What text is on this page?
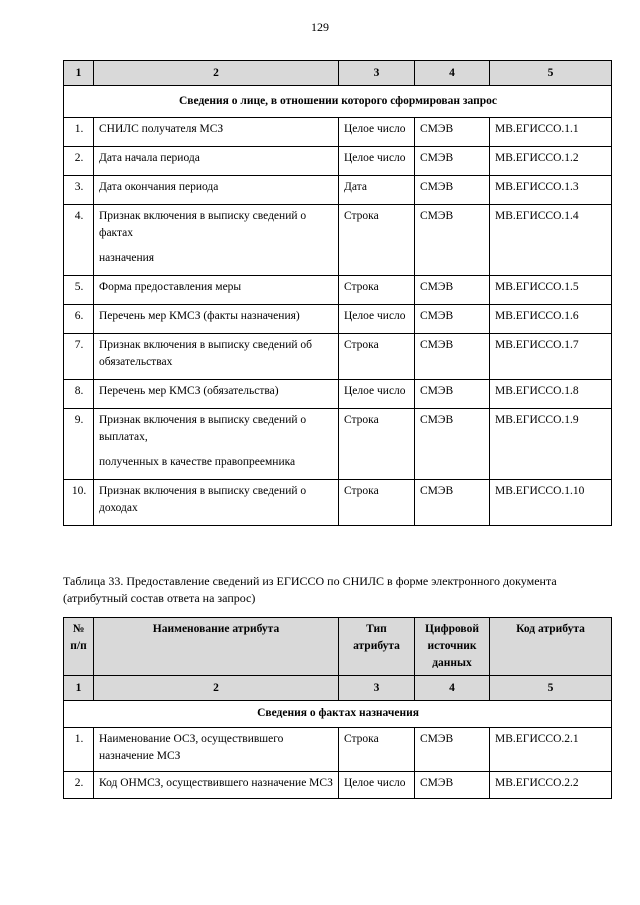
129
1	2	3	4	5
Сведения о лице, в отношении которого сформирован запрос				
1.	СНИЛС получателя МСЗ	Целое число	СМЭВ	МВ.ЕГИССО.1.1
2.	Дата начала периода	Целое число	СМЭВ	МВ.ЕГИССО.1.2
3.	Дата окончания периода	Дата	СМЭВ	МВ.ЕГИССО.1.3
4.	Признак включения в выписку сведений о фактах
назначения	Строка	СМЭВ	МВ.ЕГИССО.1.4
5.	Форма предоставления меры	Строка	СМЭВ	МВ.ЕГИССО.1.5
6.	Перечень мер КМСЗ (факты назначения)	Целое число	СМЭВ	МВ.ЕГИССО.1.6
7.	Признак включения в выписку сведений об обязательствах	Строка	СМЭВ	МВ.ЕГИССО.1.7
8.	Перечень мер КМСЗ (обязательства)	Целое число	СМЭВ	МВ.ЕГИССО.1.8
9.	Признак включения в выписку сведений о выплатах,
полученных в качестве правопреемника	Строка	СМЭВ	МВ.ЕГИССО.1.9
10.	Признак включения в выписку сведений о доходах	Строка	СМЭВ	МВ.ЕГИССО.1.10
Таблица 33. Предоставление сведений из ЕГИССО по СНИЛС в форме электронного документа (атрибутный состав ответа на запрос)
№ п/п	Наименование атрибута	Тип атрибута	Цифровой источник данных	Код атрибута
1	2	3	4	5
Сведения о фактах назначения				
1.	Наименование ОСЗ, осуществившего назначение МСЗ	Строка	СМЭВ	МВ.ЕГИССО.2.1
2.	Код ОНМСЗ, осуществившего назначение МСЗ	Целое число	СМЭВ	МВ.ЕГИССО.2.2
